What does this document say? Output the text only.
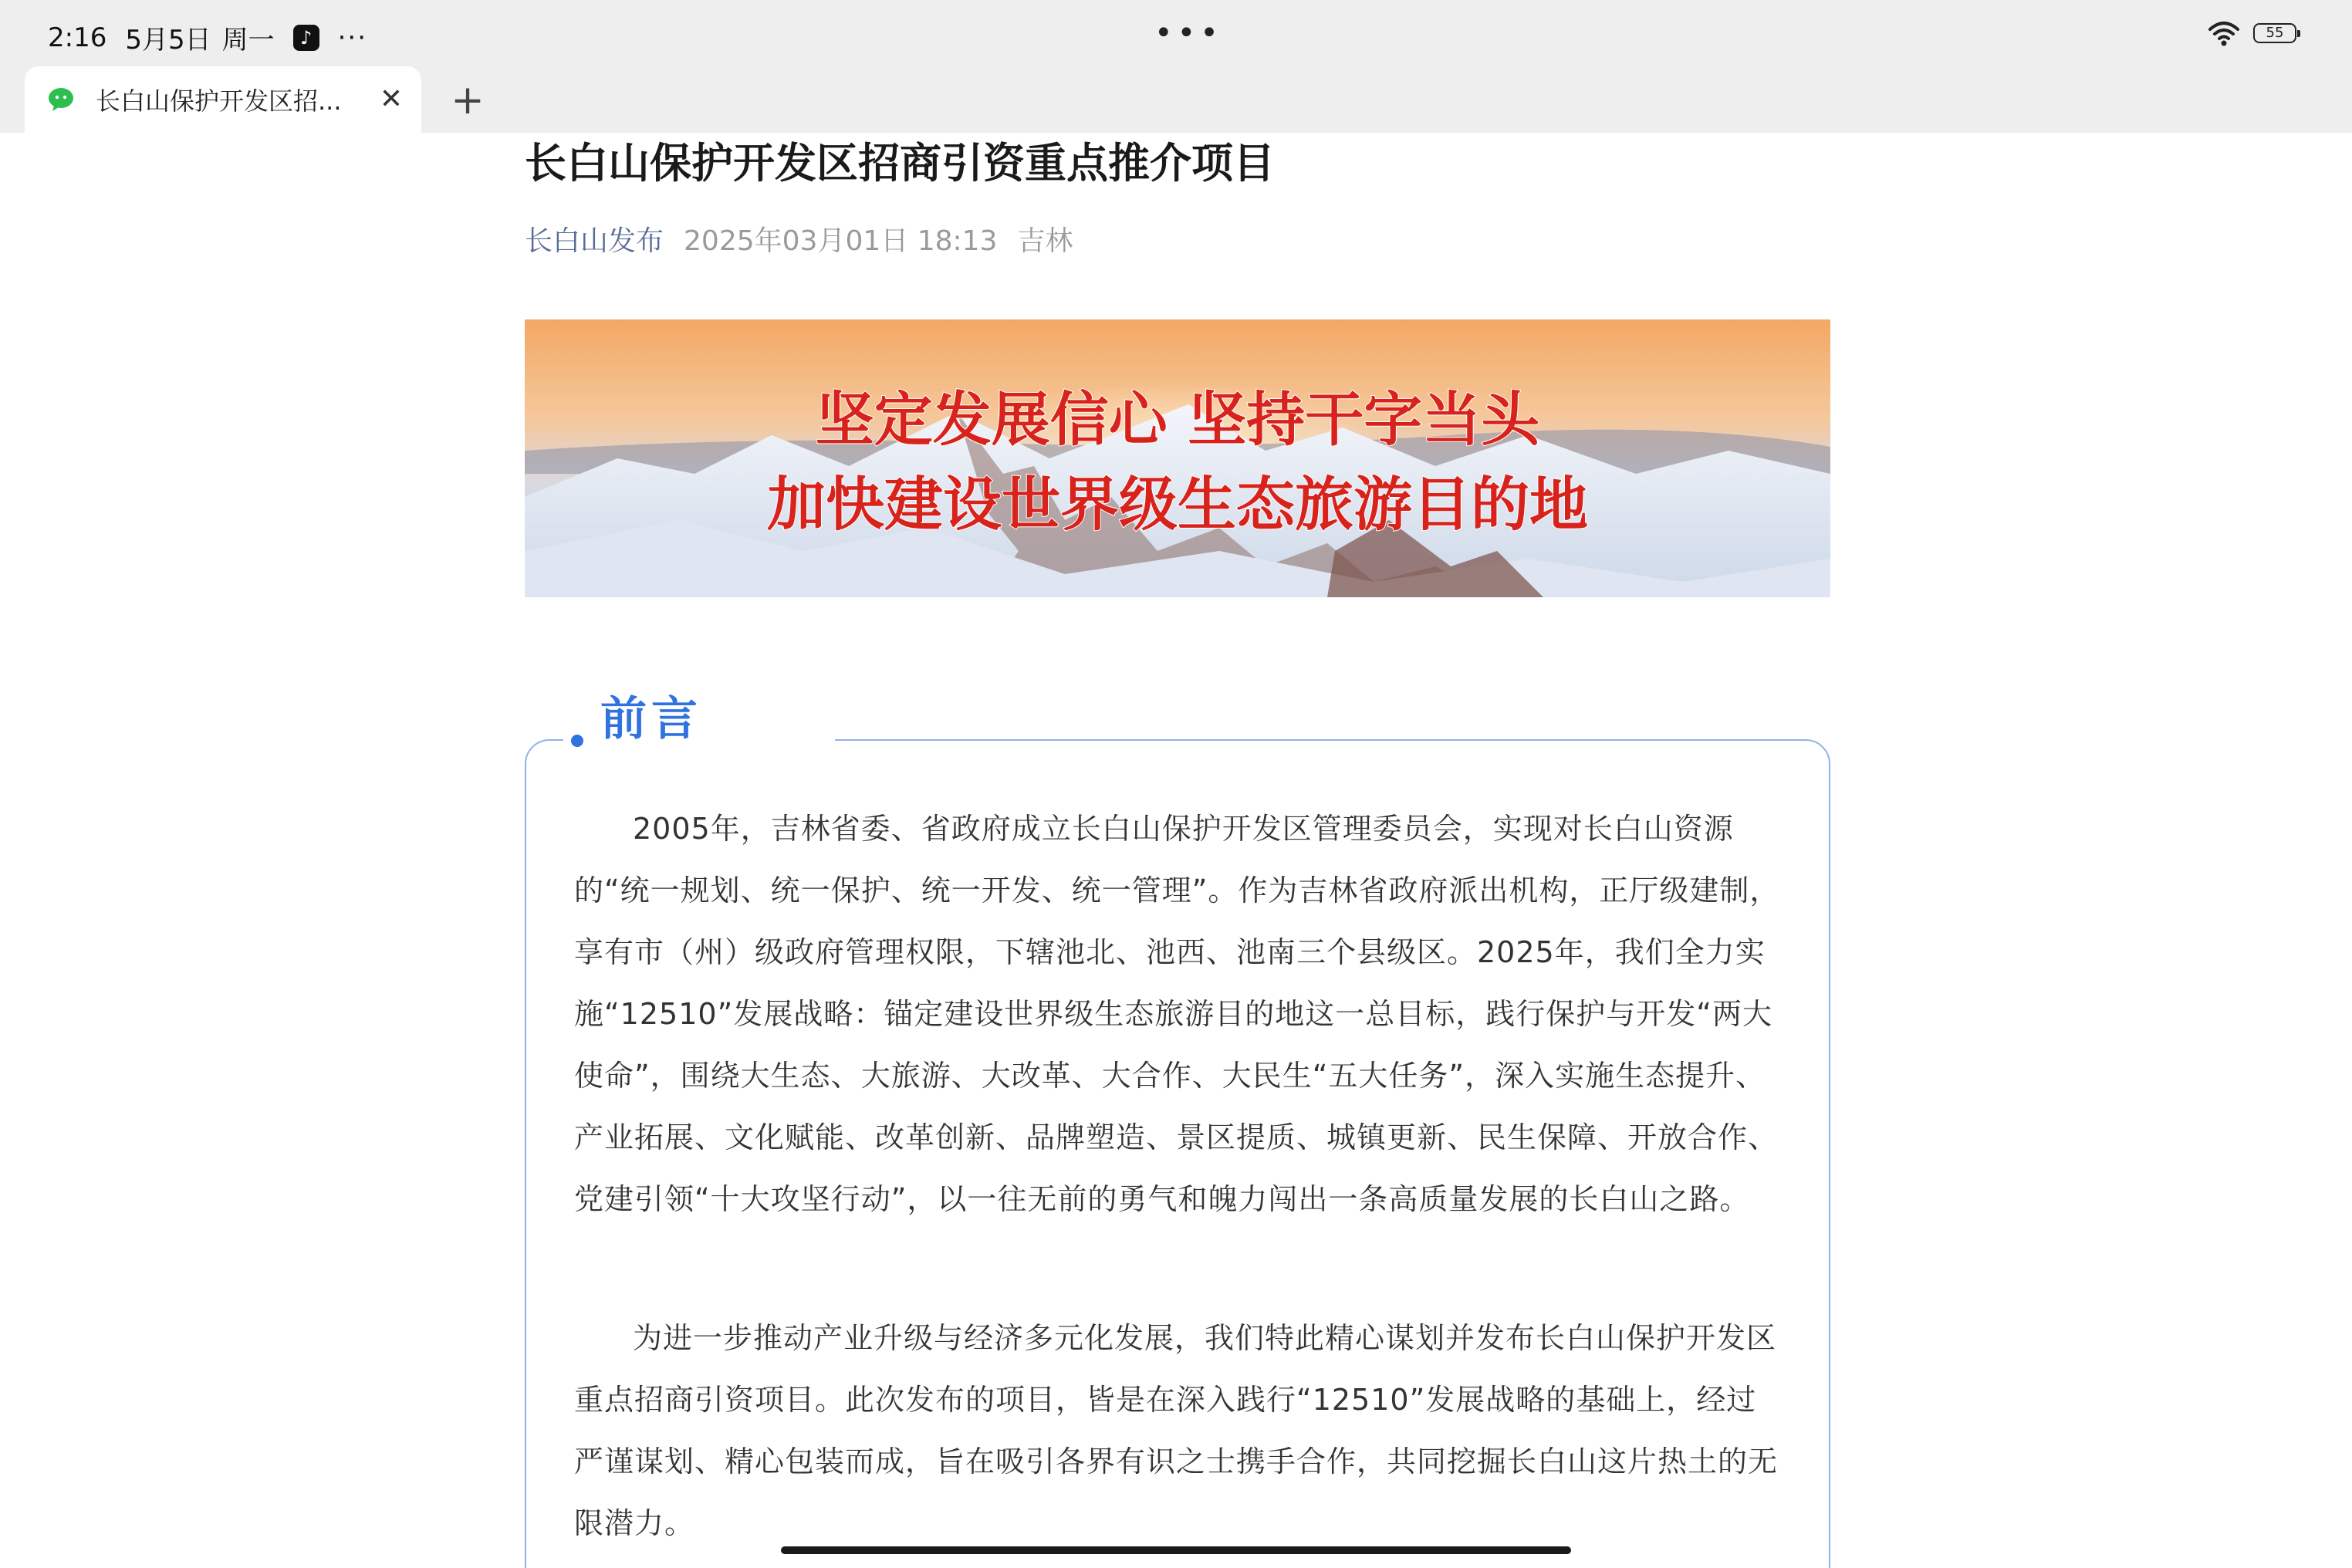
2:16 5月5日 周一	♪ ···	•••	55
长白山保护开发区招...	✕ +
长白山保护开发区招商引资重点推介项目
长白山发布 2025年03月01日 18:13 吉林
坚定发展信心 坚持干字当头
加快建设世界级生态旅游目的地
前言

2005年，吉林省委、省政府成立长白山保护开发区管理委员会，实现对长白山资源的“统一规划、统一保护、统一开发、统一管理”。作为吉林省政府派出机构，正厅级建制，享有市（州）级政府管理权限，下辖池北、池西、池南三个县级区。2025年，我们全力实施“12510”发展战略：锚定建设世界级生态旅游目的地这一总目标，践行保护与开发“两大使命”，围绕大生态、大旅游、大改革、大合作、大民生“五大任务”，深入实施生态提升、产业拓展、文化赋能、改革创新、品牌塑造、景区提质、城镇更新、民生保障、开放合作、党建引领“十大攻坚行动”，以一往无前的勇气和魄力闯出一条高质量发展的长白山之路。

为进一步推动产业升级与经济多元化发展，我们特此精心谋划并发布长白山保护开发区重点招商引资项目。此次发布的项目，皆是在深入践行“12510”发展战略的基础上，经过严谨谋划、精心包装而成，旨在吸引各界有识之士携手合作，共同挖掘长白山这片热土的无限潜力。
